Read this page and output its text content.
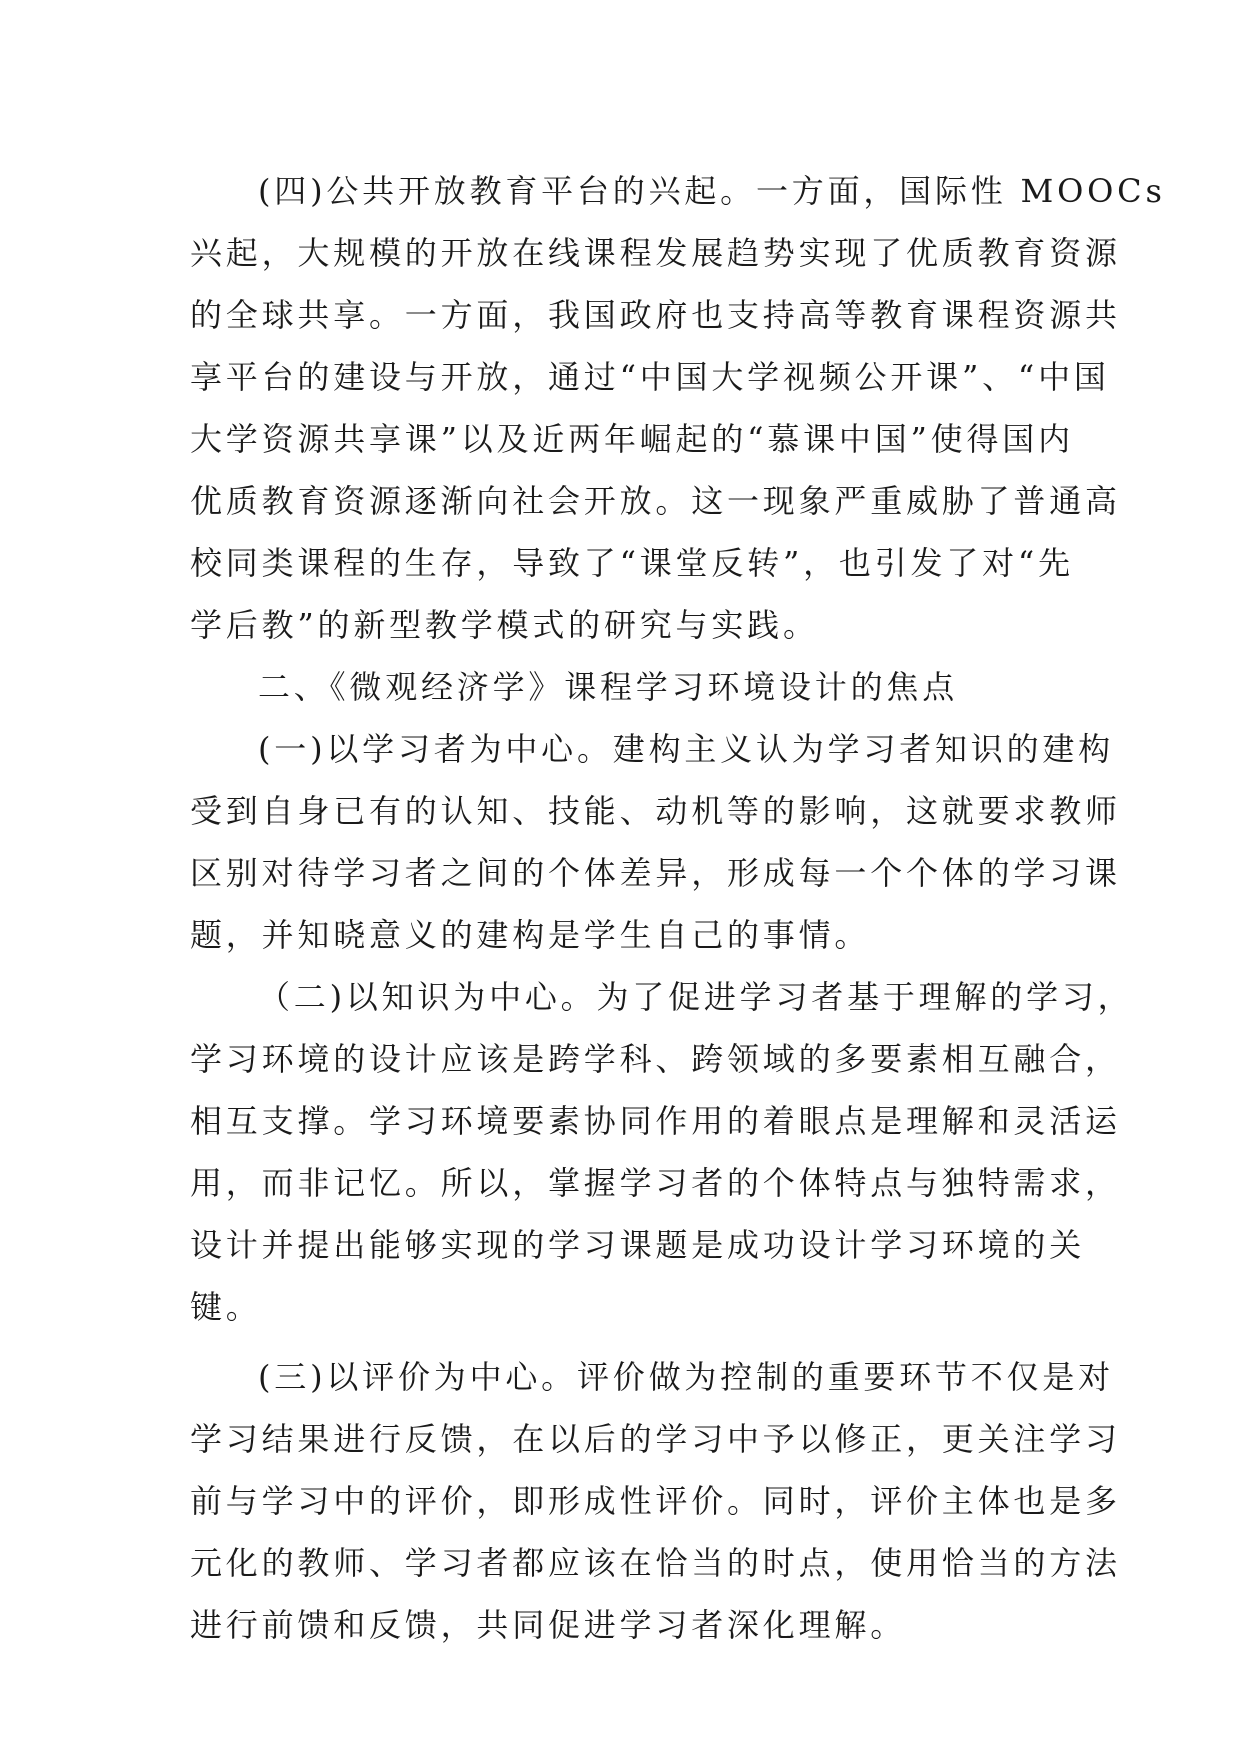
(四)公共开放教育平台的兴起。一方面，国际性 MOOCs
兴起，大规模的开放在线课程发展趋势实现了优质教育资源
的全球共享。一方面，我国政府也支持高等教育课程资源共
享平台的建设与开放，通过“中国大学视频公开课”、“中国
大学资源共享课”以及近两年崛起的“慕课中国”使得国内
优质教育资源逐渐向社会开放。这一现象严重威胁了普通高
校同类课程的生存，导致了“课堂反转”，也引发了对“先
学后教”的新型教学模式的研究与实践。
二、《微观经济学》课程学习环境设计的焦点
(一)以学习者为中心。建构主义认为学习者知识的建构
受到自身已有的认知、技能、动机等的影响，这就要求教师
区别对待学习者之间的个体差异，形成每一个个体的学习课
题，并知晓意义的建构是学生自己的事情。
（二)以知识为中心。为了促进学习者基于理解的学习，
学习环境的设计应该是跨学科、跨领域的多要素相互融合，
相互支撑。学习环境要素协同作用的着眼点是理解和灵活运
用，而非记忆。所以，掌握学习者的个体特点与独特需求，
设计并提出能够实现的学习课题是成功设计学习环境的关
键。
(三)以评价为中心。评价做为控制的重要环节不仅是对
学习结果进行反馈，在以后的学习中予以修正，更关注学习
前与学习中的评价，即形成性评价。同时，评价主体也是多
元化的教师、学习者都应该在恰当的时点，使用恰当的方法
进行前馈和反馈，共同促进学习者深化理解。
